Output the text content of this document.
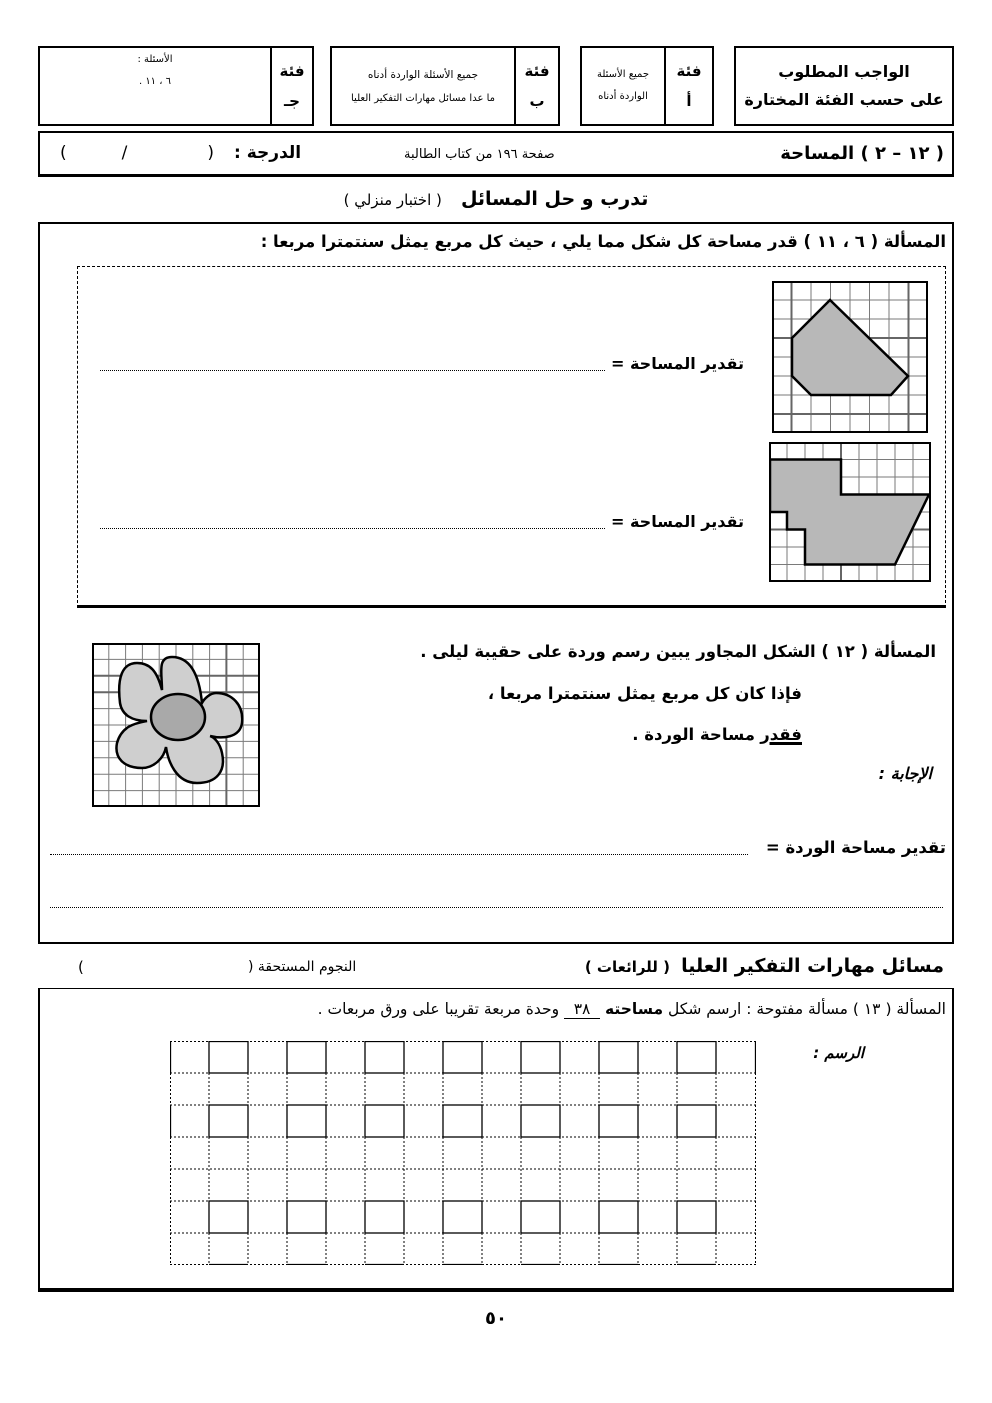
الواجب المطلوب
على حسب الفئة المختارة
فئة
أ
جميع الأسئلة
الواردة أدناه
فئة
ب
جميع الأسئلة الواردة أدناه
ما عدا مسائل مهارات التفكير العليا
فئة
جـ
الأسئلة :
٦ ، ١١ .
( ١٢ – ٢ ) المساحة
صفحة ١٩٦ من كتاب الطالبة
الدرجة :
(	/	)
تدرب و حل المسائل ( اختبار منزلي )
المسألة ( ٦ ، ١١ ) قدر مساحة كل شكل مما يلي ، حيث كل مربع يمثل سنتمترا مربعا :
تقدير المساحة =
تقدير المساحة =
المسألة ( ١٢ ) الشكل المجاور يبين رسم وردة على حقيبة ليلى .
فإذا كان كل مربع يمثل سنتمترا مربعا ،
فقدر مساحة الوردة .
الإجابة :
تقدير مساحة الوردة =
مسائل مهارات التفكير العليا ( للرائعات )
النجوم المستحقة (
)
المسألة ( ١٣ ) مسألة مفتوحة : ارسم شكل مساحته ٣٨ وحدة مربعة تقريبا على ورق مربعات .
الرسم :
٥٠
